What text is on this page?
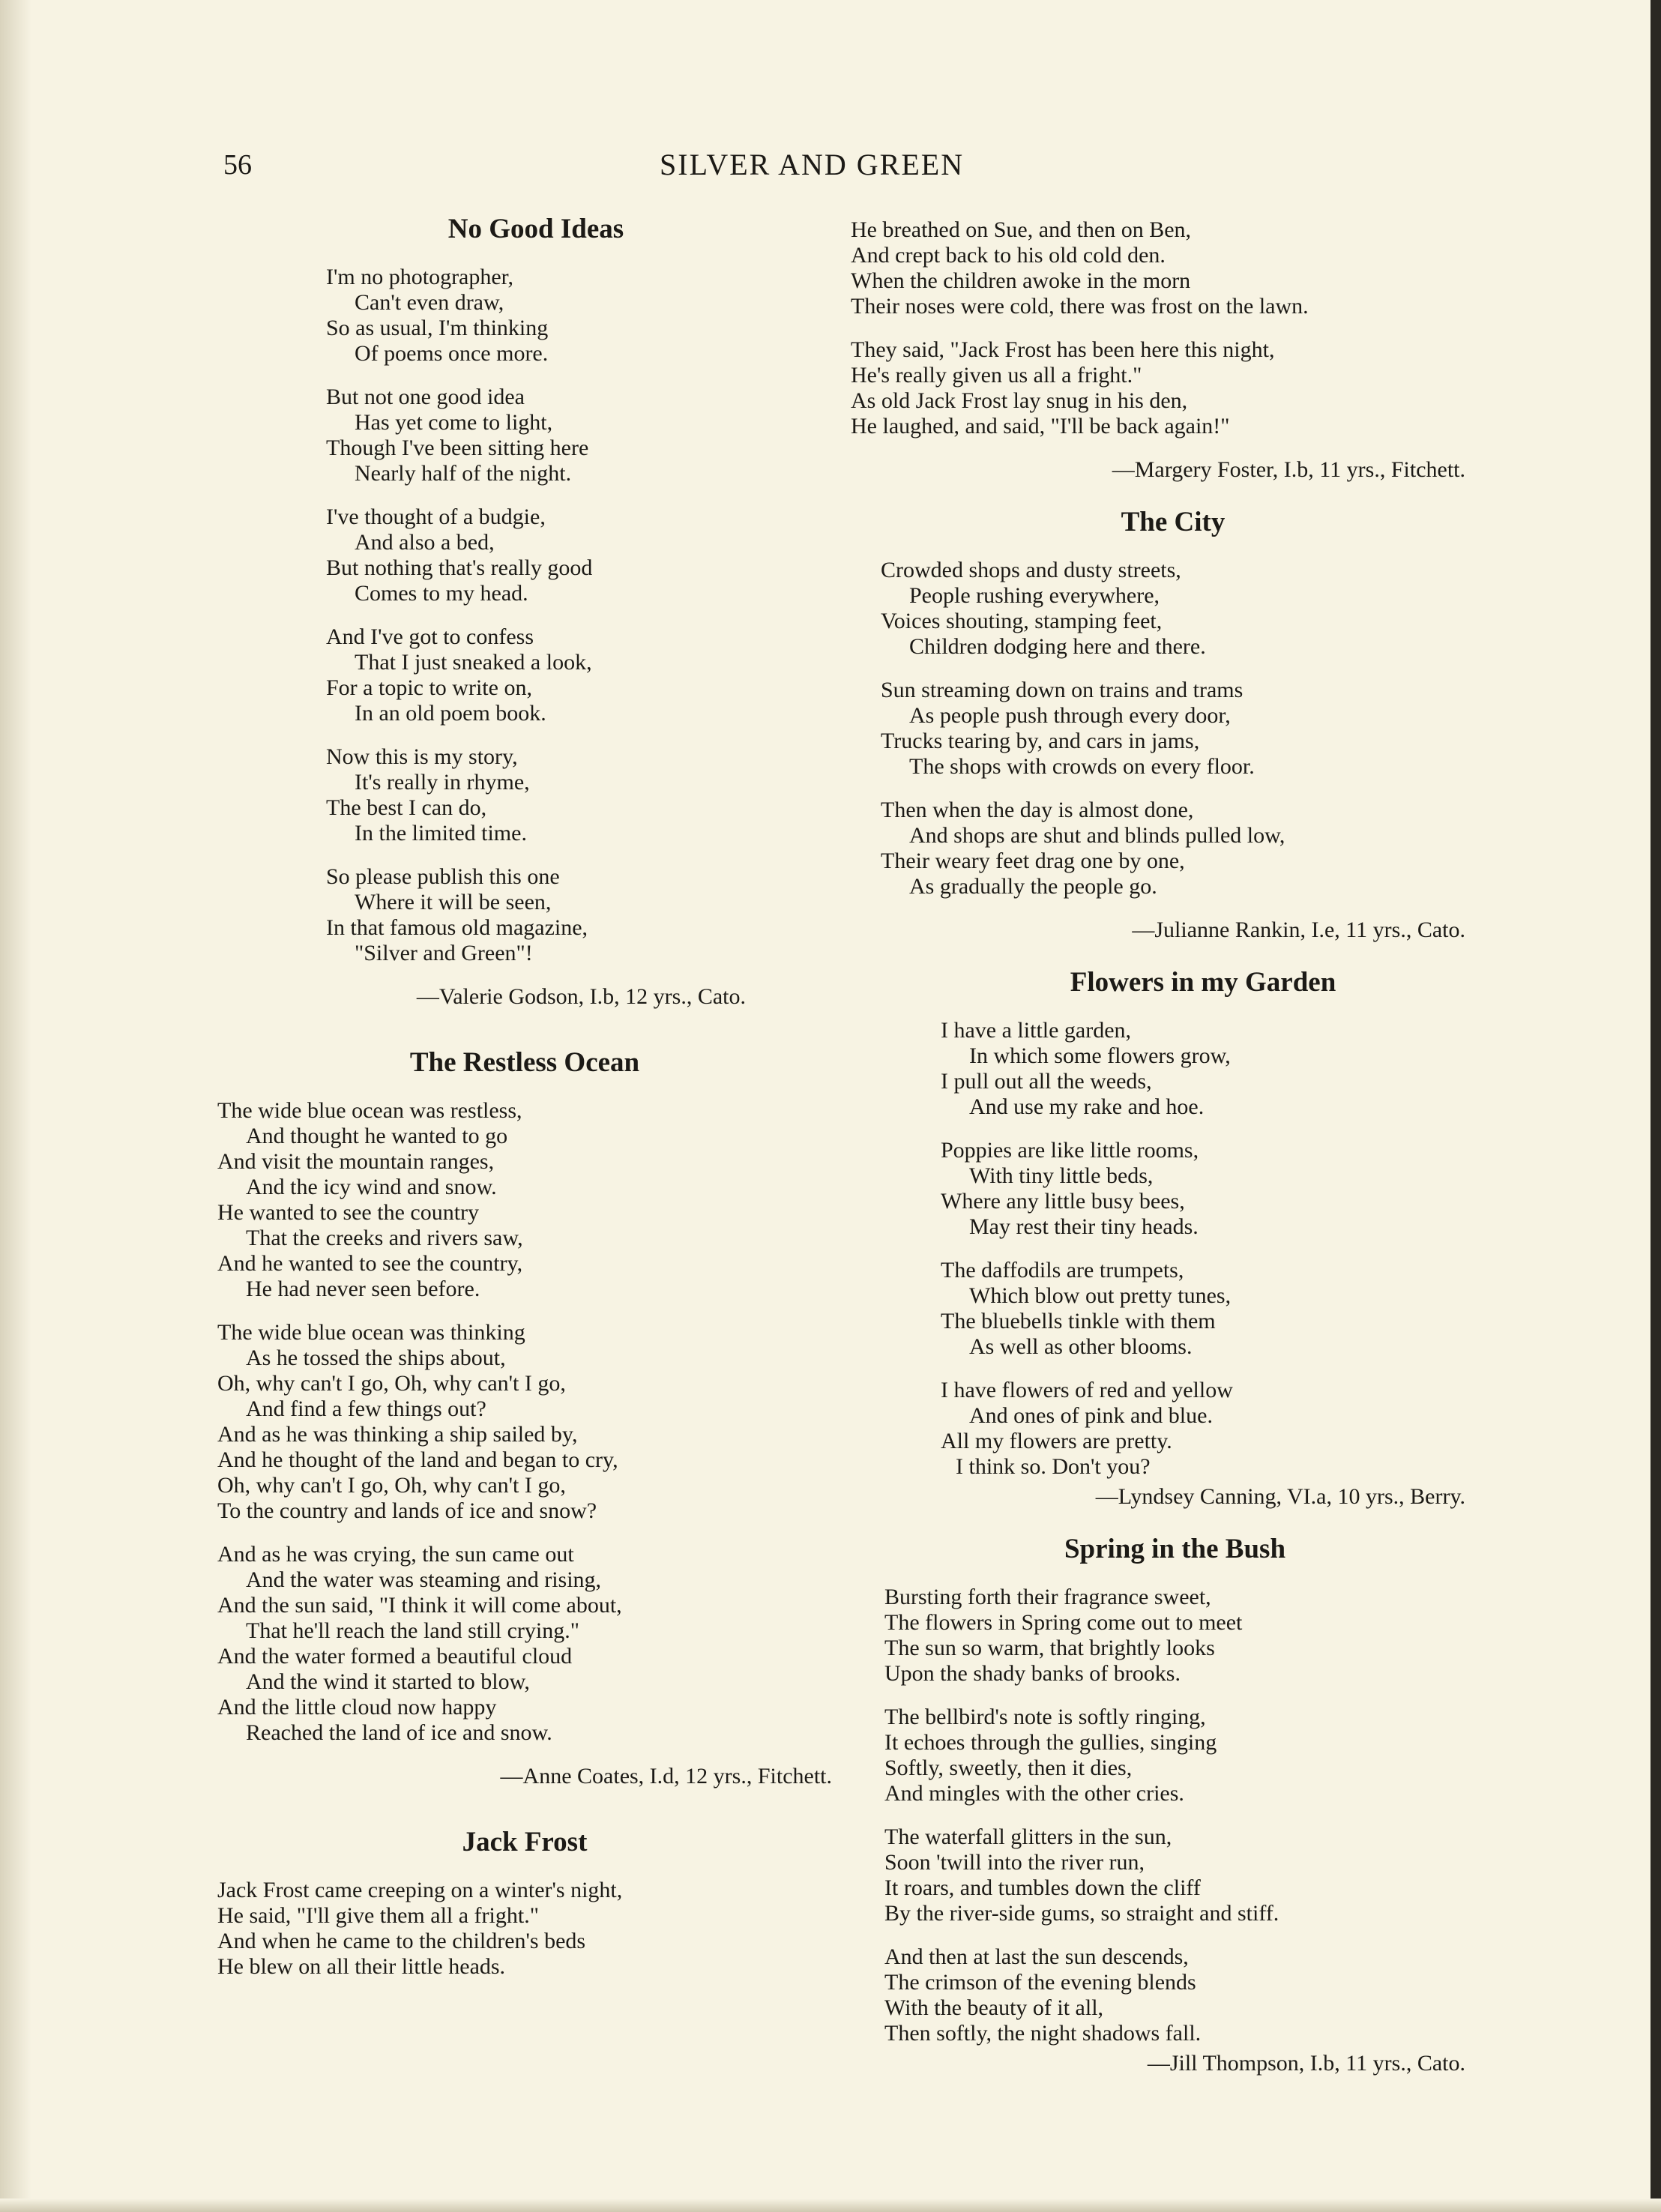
56	SILVER AND GREEN
No Good Ideas
I'm no photographer,
Can't even draw,
So as usual, I'm thinking
Of poems once more.
But not one good idea
Has yet come to light,
Though I've been sitting here
Nearly half of the night.
I've thought of a budgie,
And also a bed,
But nothing that's really good
Comes to my head.
And I've got to confess
That I just sneaked a look,
For a topic to write on,
In an old poem book.
Now this is my story,
It's really in rhyme,
The best I can do,
In the limited time.
So please publish this one
Where it will be seen,
In that famous old magazine,
"Silver and Green"!
—Valerie Godson, I.b, 12 yrs., Cato.
The Restless Ocean
The wide blue ocean was restless,
And thought he wanted to go
And visit the mountain ranges,
And the icy wind and snow.
He wanted to see the country
That the creeks and rivers saw,
And he wanted to see the country,
He had never seen before.
The wide blue ocean was thinking
As he tossed the ships about,
Oh, why can't I go, Oh, why can't I go,
And find a few things out?
And as he was thinking a ship sailed by,
And he thought of the land and began to cry,
Oh, why can't I go, Oh, why can't I go,
To the country and lands of ice and snow?
And as he was crying, the sun came out
And the water was steaming and rising,
And the sun said, "I think it will come about,
That he'll reach the land still crying."
And the water formed a beautiful cloud
And the wind it started to blow,
And the little cloud now happy
Reached the land of ice and snow.
—Anne Coates, I.d, 12 yrs., Fitchett.
Jack Frost
Jack Frost came creeping on a winter's night,
He said, "I'll give them all a fright."
And when he came to the children's beds
He blew on all their little heads.
He breathed on Sue, and then on Ben,
And crept back to his old cold den.
When the children awoke in the morn
Their noses were cold, there was frost on the lawn.
They said, "Jack Frost has been here this night,
He's really given us all a fright."
As old Jack Frost lay snug in his den,
He laughed, and said, "I'll be back again!"
—Margery Foster, I.b, 11 yrs., Fitchett.
The City
Crowded shops and dusty streets,
People rushing everywhere,
Voices shouting, stamping feet,
Children dodging here and there.
Sun streaming down on trains and trams
As people push through every door,
Trucks tearing by, and cars in jams,
The shops with crowds on every floor.
Then when the day is almost done,
And shops are shut and blinds pulled low,
Their weary feet drag one by one,
As gradually the people go.
—Julianne Rankin, I.e, 11 yrs., Cato.
Flowers in my Garden
I have a little garden,
In which some flowers grow,
I pull out all the weeds,
And use my rake and hoe.
Poppies are like little rooms,
With tiny little beds,
Where any little busy bees,
May rest their tiny heads.
The daffodils are trumpets,
Which blow out pretty tunes,
The bluebells tinkle with them
As well as other blooms.
I have flowers of red and yellow
And ones of pink and blue.
All my flowers are pretty.
I think so. Don't you?
—Lyndsey Canning, VI.a, 10 yrs., Berry.
Spring in the Bush
Bursting forth their fragrance sweet,
The flowers in Spring come out to meet
The sun so warm, that brightly looks
Upon the shady banks of brooks.
The bellbird's note is softly ringing,
It echoes through the gullies, singing
Softly, sweetly, then it dies,
And mingles with the other cries.
The waterfall glitters in the sun,
Soon 'twill into the river run,
It roars, and tumbles down the cliff
By the river-side gums, so straight and stiff.
And then at last the sun descends,
The crimson of the evening blends
With the beauty of it all,
Then softly, the night shadows fall.
—Jill Thompson, I.b, 11 yrs., Cato.
